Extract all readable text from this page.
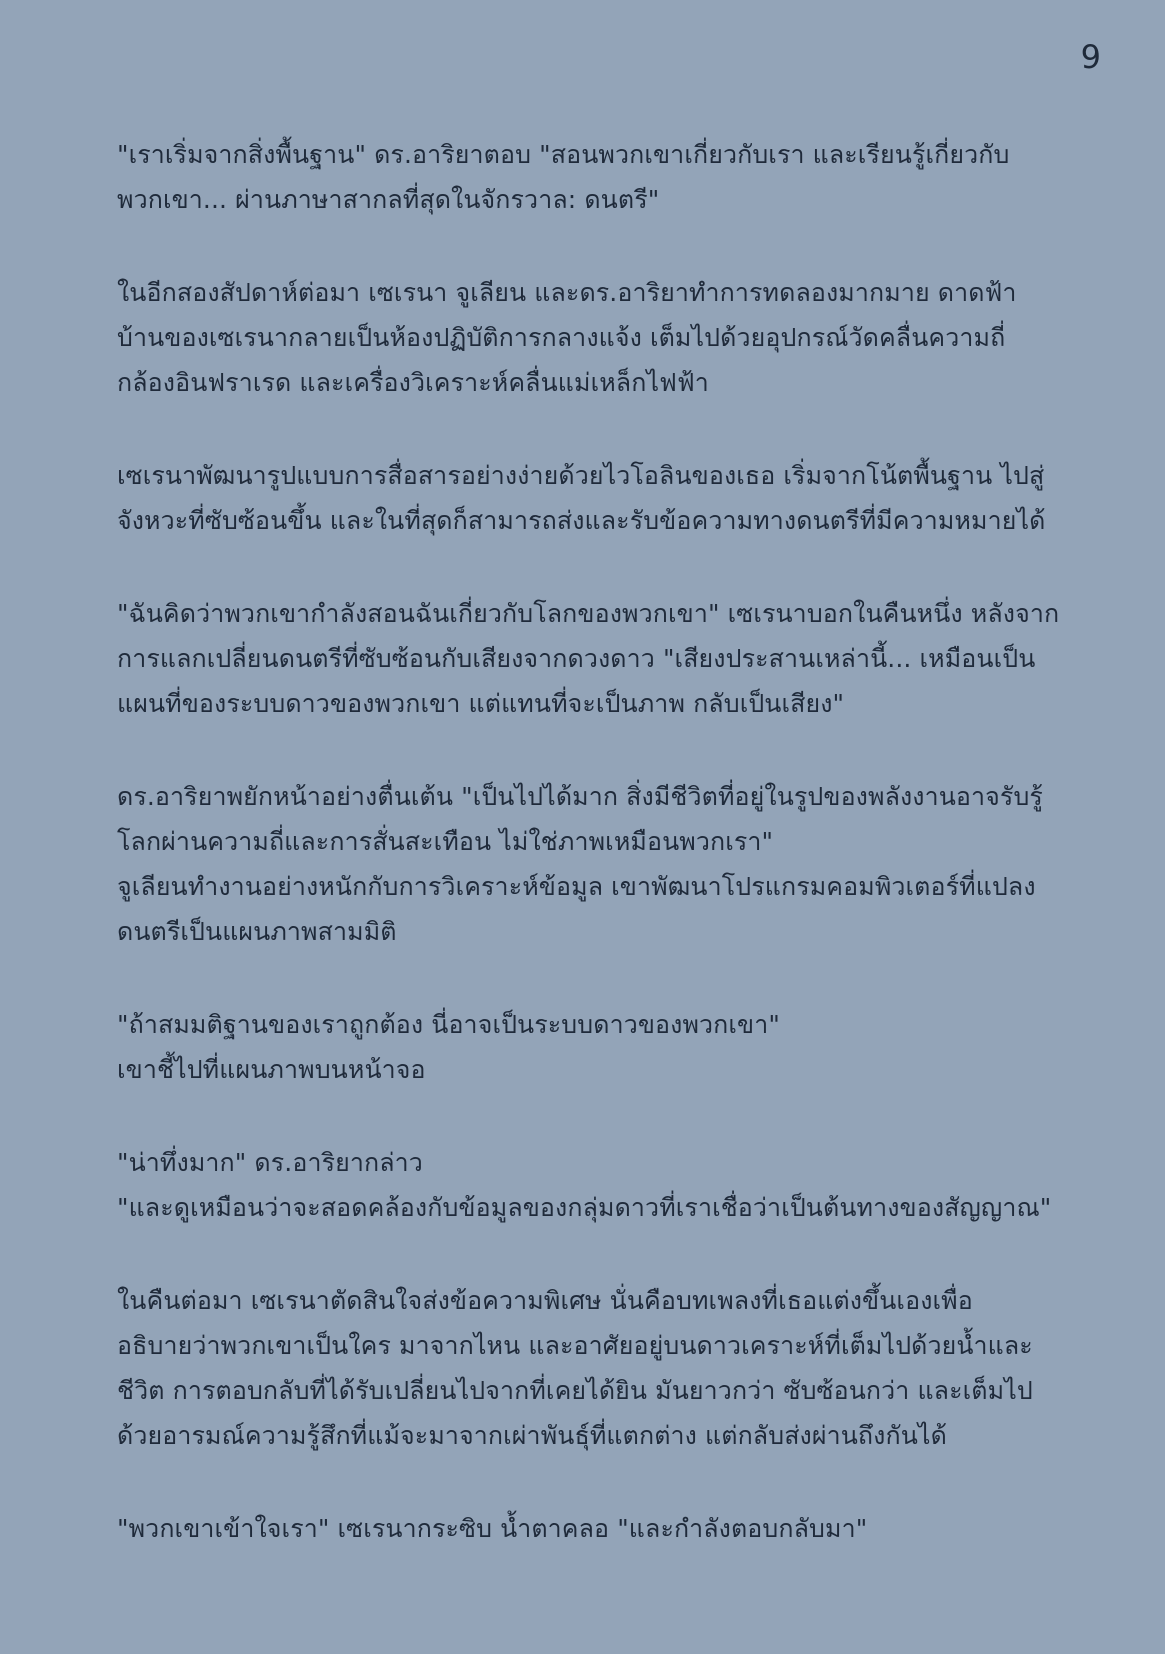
9

"เราเริ่มจากสิ่งพื้นฐาน" ดร.อาริยาตอบ "สอนพวกเขาเกี่ยวกับเรา และเรียนรู้เกี่ยวกับ
พวกเขา... ผ่านภาษาสากลที่สุดในจักรวาล: ดนตรี"

ในอีกสองสัปดาห์ต่อมา เซเรนา จูเลียน และดร.อาริยาทำการทดลองมากมาย ดาดฟ้า
บ้านของเซเรนากลายเป็นห้องปฏิบัติการกลางแจ้ง เต็มไปด้วยอุปกรณ์วัดคลื่นความถี่
กล้องอินฟราเรด และเครื่องวิเคราะห์คลื่นแม่เหล็กไฟฟ้า

เซเรนาพัฒนารูปแบบการสื่อสารอย่างง่ายด้วยไวโอลินของเธอ เริ่มจากโน้ตพื้นฐาน ไปสู่
จังหวะที่ซับซ้อนขึ้น และในที่สุดก็สามารถส่งและรับข้อความทางดนตรีที่มีความหมายได้

"ฉันคิดว่าพวกเขากำลังสอนฉันเกี่ยวกับโลกของพวกเขา" เซเรนาบอกในคืนหนึ่ง หลังจาก
การแลกเปลี่ยนดนตรีที่ซับซ้อนกับเสียงจากดวงดาว "เสียงประสานเหล่านี้... เหมือนเป็น
แผนที่ของระบบดาวของพวกเขา แต่แทนที่จะเป็นภาพ กลับเป็นเสียง"

ดร.อาริยาพยักหน้าอย่างตื่นเต้น "เป็นไปได้มาก สิ่งมีชีวิตที่อยู่ในรูปของพลังงานอาจรับรู้
โลกผ่านความถี่และการสั่นสะเทือน ไม่ใช่ภาพเหมือนพวกเรา"
จูเลียนทำงานอย่างหนักกับการวิเคราะห์ข้อมูล เขาพัฒนาโปรแกรมคอมพิวเตอร์ที่แปลง
ดนตรีเป็นแผนภาพสามมิติ

"ถ้าสมมติฐานของเราถูกต้อง นี่อาจเป็นระบบดาวของพวกเขา"
เขาชี้ไปที่แผนภาพบนหน้าจอ

"น่าทึ่งมาก" ดร.อาริยากล่าว
"และดูเหมือนว่าจะสอดคล้องกับข้อมูลของกลุ่มดาวที่เราเชื่อว่าเป็นต้นทางของสัญญาณ"

ในคืนต่อมา เซเรนาตัดสินใจส่งข้อความพิเศษ นั่นคือบทเพลงที่เธอแต่งขึ้นเองเพื่อ
อธิบายว่าพวกเขาเป็นใคร มาจากไหน และอาศัยอยู่บนดาวเคราะห์ที่เต็มไปด้วยน้ำและ
ชีวิต การตอบกลับที่ได้รับเปลี่ยนไปจากที่เคยได้ยิน มันยาวกว่า ซับซ้อนกว่า และเต็มไป
ด้วยอารมณ์ความรู้สึกที่แม้จะมาจากเผ่าพันธุ์ที่แตกต่าง แต่กลับส่งผ่านถึงกันได้

"พวกเขาเข้าใจเรา" เซเรนากระซิบ น้ำตาคลอ "และกำลังตอบกลับมา"
